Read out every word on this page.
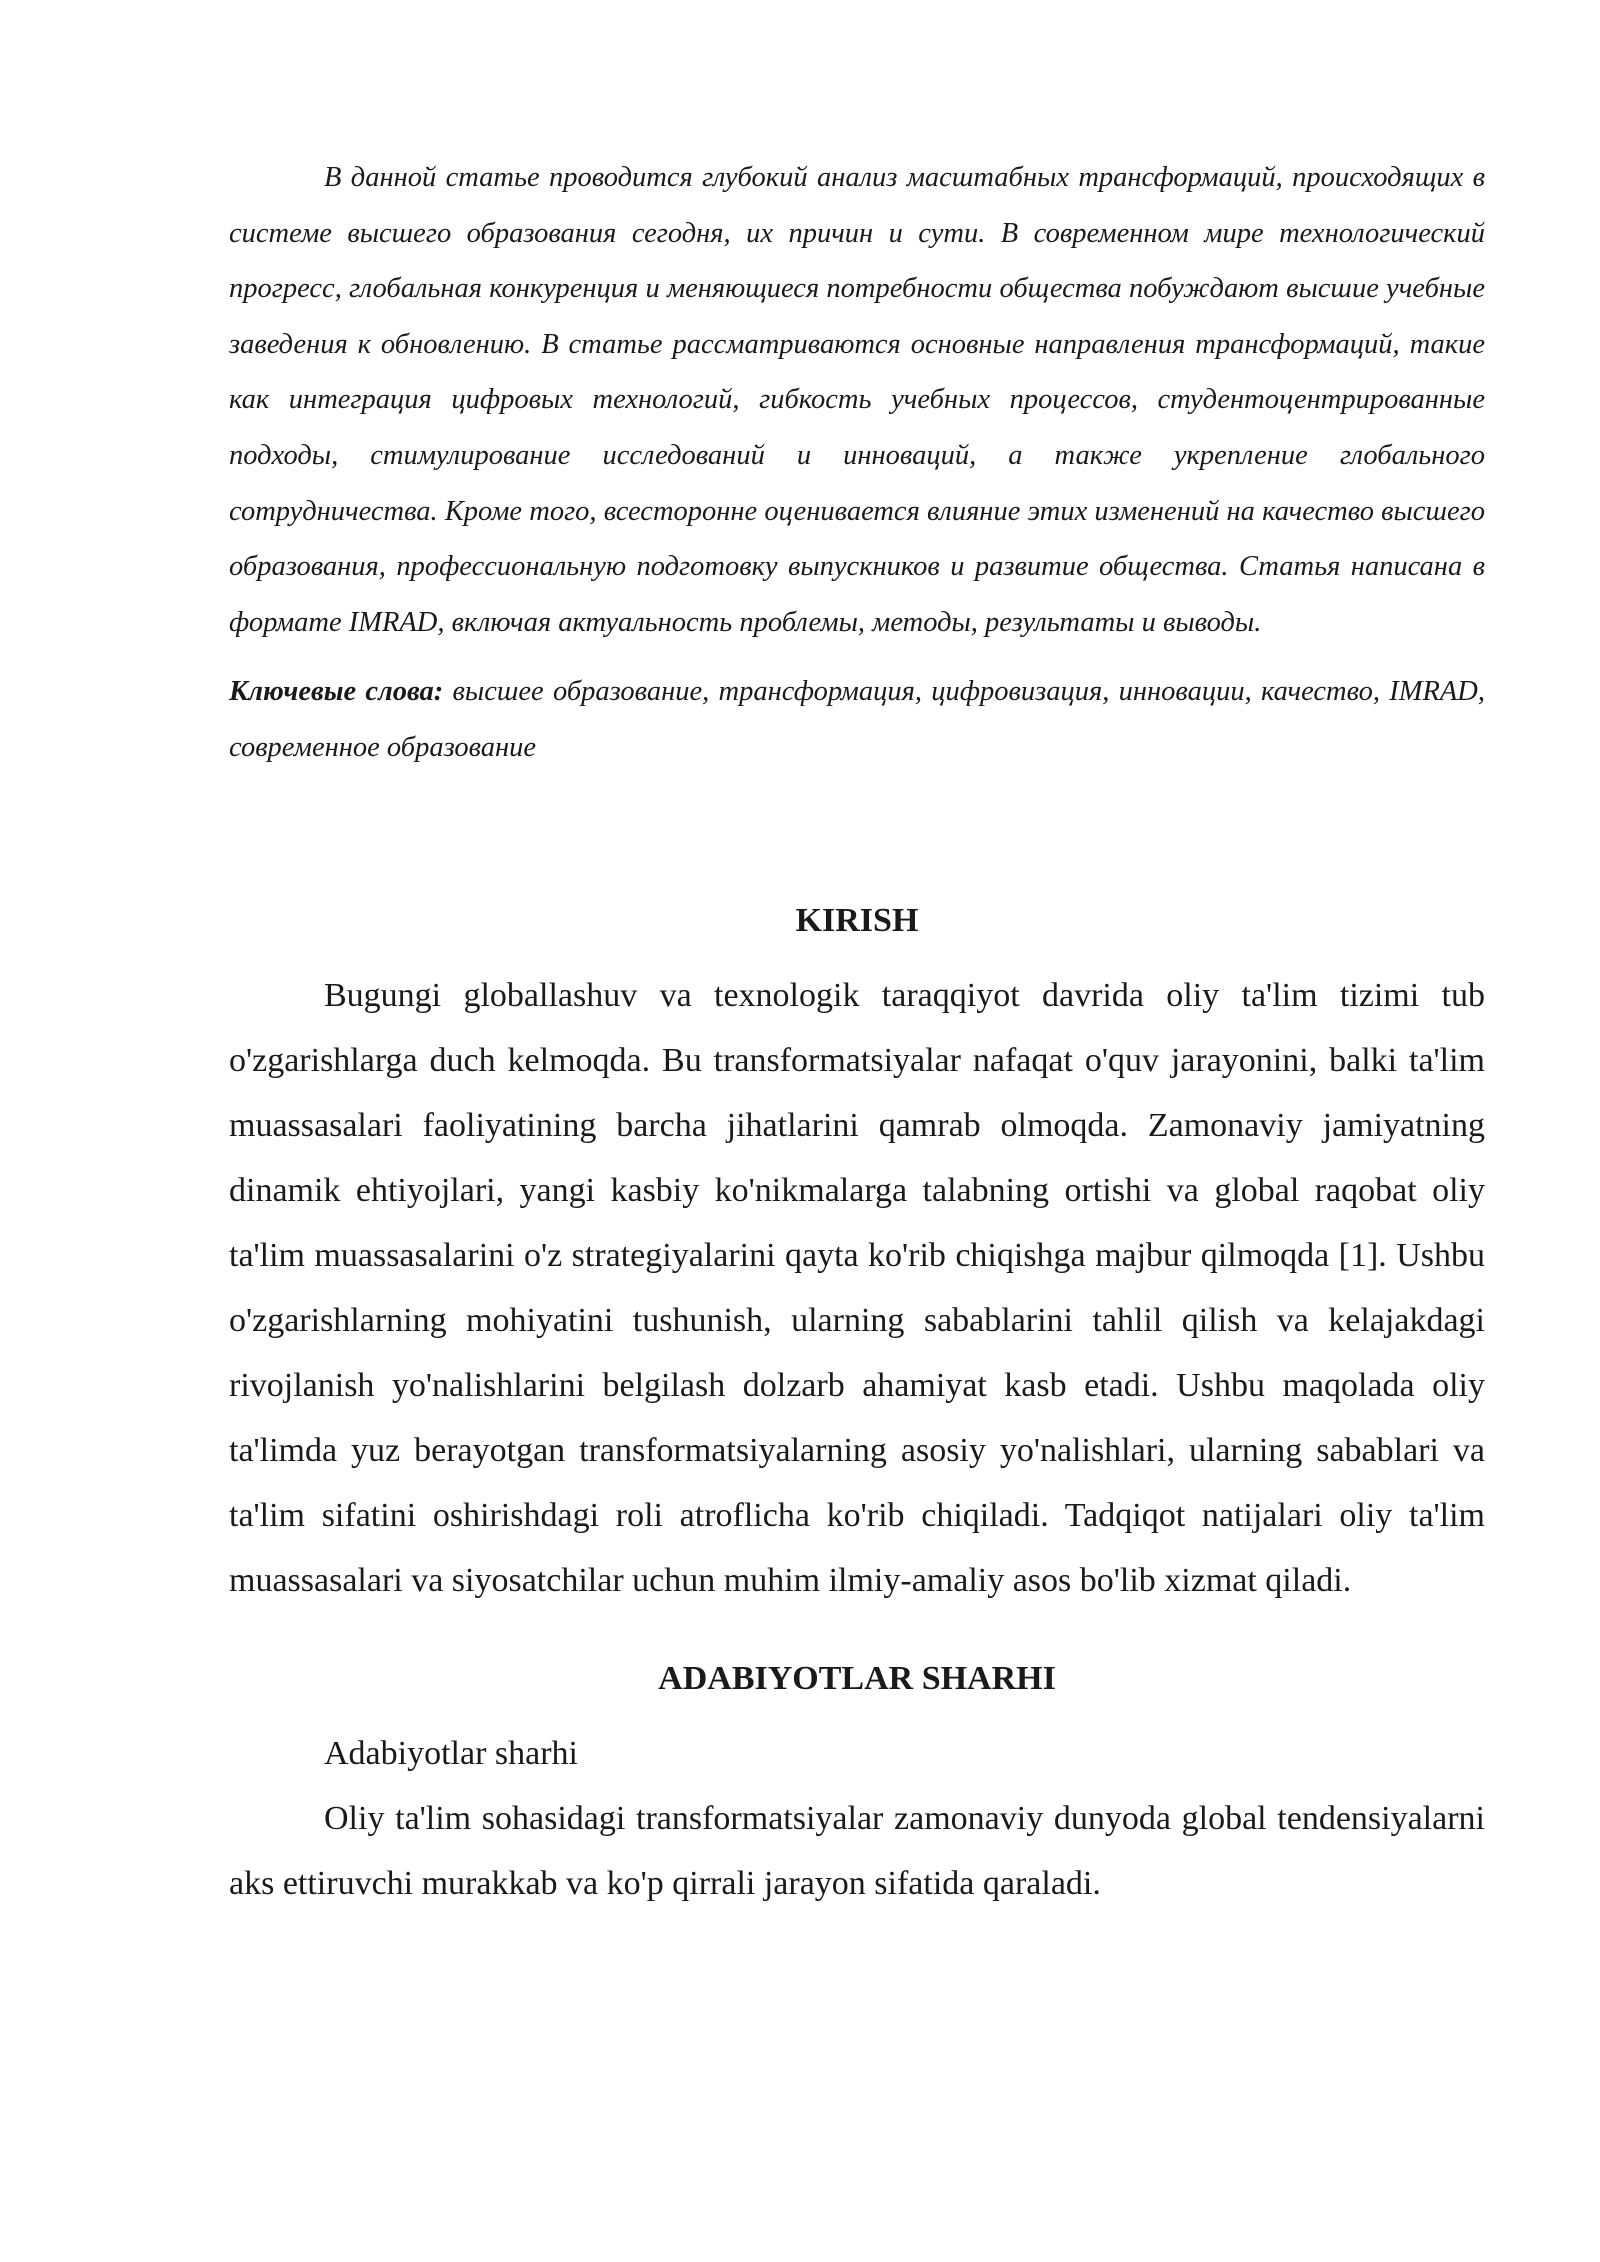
В данной статье проводится глубокий анализ масштабных трансформаций, происходящих в системе высшего образования сегодня, их причин и сути. В современном мире технологический прогресс, глобальная конкуренция и меняющиеся потребности общества побуждают высшие учебные заведения к обновлению. В статье рассматриваются основные направления трансформаций, такие как интеграция цифровых технологий, гибкость учебных процессов, студентоцентрированные подходы, стимулирование исследований и инноваций, а также укрепление глобального сотрудничества. Кроме того, всесторонне оценивается влияние этих изменений на качество высшего образования, профессиональную подготовку выпускников и развитие общества. Статья написана в формате IMRAD, включая актуальность проблемы, методы, результаты и выводы.

Ключевые слова: высшее образование, трансформация, цифровизация, инновации, качество, IMRAD, современное образование

KIRISH

Bugungi globallashuv va texnologik taraqqiyot davrida oliy ta'lim tizimi tub o'zgarishlarga duch kelmoqda. Bu transformatsiyalar nafaqat o'quv jarayonini, balki ta'lim muassasalari faoliyatining barcha jihatlarini qamrab olmoqda. Zamonaviy jamiyatning dinamik ehtiyojlari, yangi kasbiy ko'nikmalarga talabning ortishi va global raqobat oliy ta'lim muassasalarini o'z strategiyalarini qayta ko'rib chiqishga majbur qilmoqda [1]. Ushbu o'zgarishlarning mohiyatini tushunish, ularning sabablarini tahlil qilish va kelajakdagi rivojlanish yo'nalishlarini belgilash dolzarb ahamiyat kasb etadi. Ushbu maqolada oliy ta'limda yuz berayotgan transformatsiyalarning asosiy yo'nalishlari, ularning sabablari va ta'lim sifatini oshirishdagi roli atroflicha ko'rib chiqiladi. Tadqiqot natijalari oliy ta'lim muassasalari va siyosatchilar uchun muhim ilmiy-amaliy asos bo'lib xizmat qiladi.

ADABIYOTLAR SHARHI

Adabiyotlar sharhi

Oliy ta'lim sohasidagi transformatsiyalar zamonaviy dunyoda global tendensiyalarni aks ettiruvchi murakkab va ko'p qirrali jarayon sifatida qaraladi.
